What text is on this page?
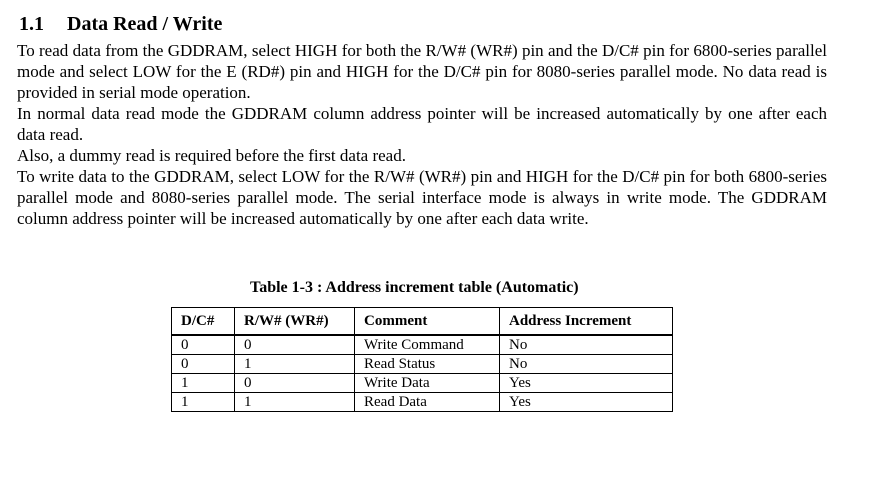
1.1 Data Read / Write

To read data from the GDDRAM, select HIGH for both the R/W# (WR#) pin and the D/C# pin for 6800-series parallel mode and select LOW for the E (RD#) pin and HIGH for the D/C# pin for 8080-series parallel mode. No data read is provided in serial mode operation.

In normal data read mode the GDDRAM column address pointer will be increased automatically by one after each data read.

Also, a dummy read is required before the first data read.

To write data to the GDDRAM, select LOW for the R/W# (WR#) pin and HIGH for the D/C# pin for both 6800-series parallel mode and 8080-series parallel mode. The serial interface mode is always in write mode. The GDDRAM column address pointer will be increased automatically by one after each data write.

Table 1-3 : Address increment table (Automatic)
D/C#	R/W# (WR#)	Comment	Address Increment
0	0	Write Command	No
0	1	Read Status	No
1	0	Write Data	Yes
1	1	Read Data	Yes
